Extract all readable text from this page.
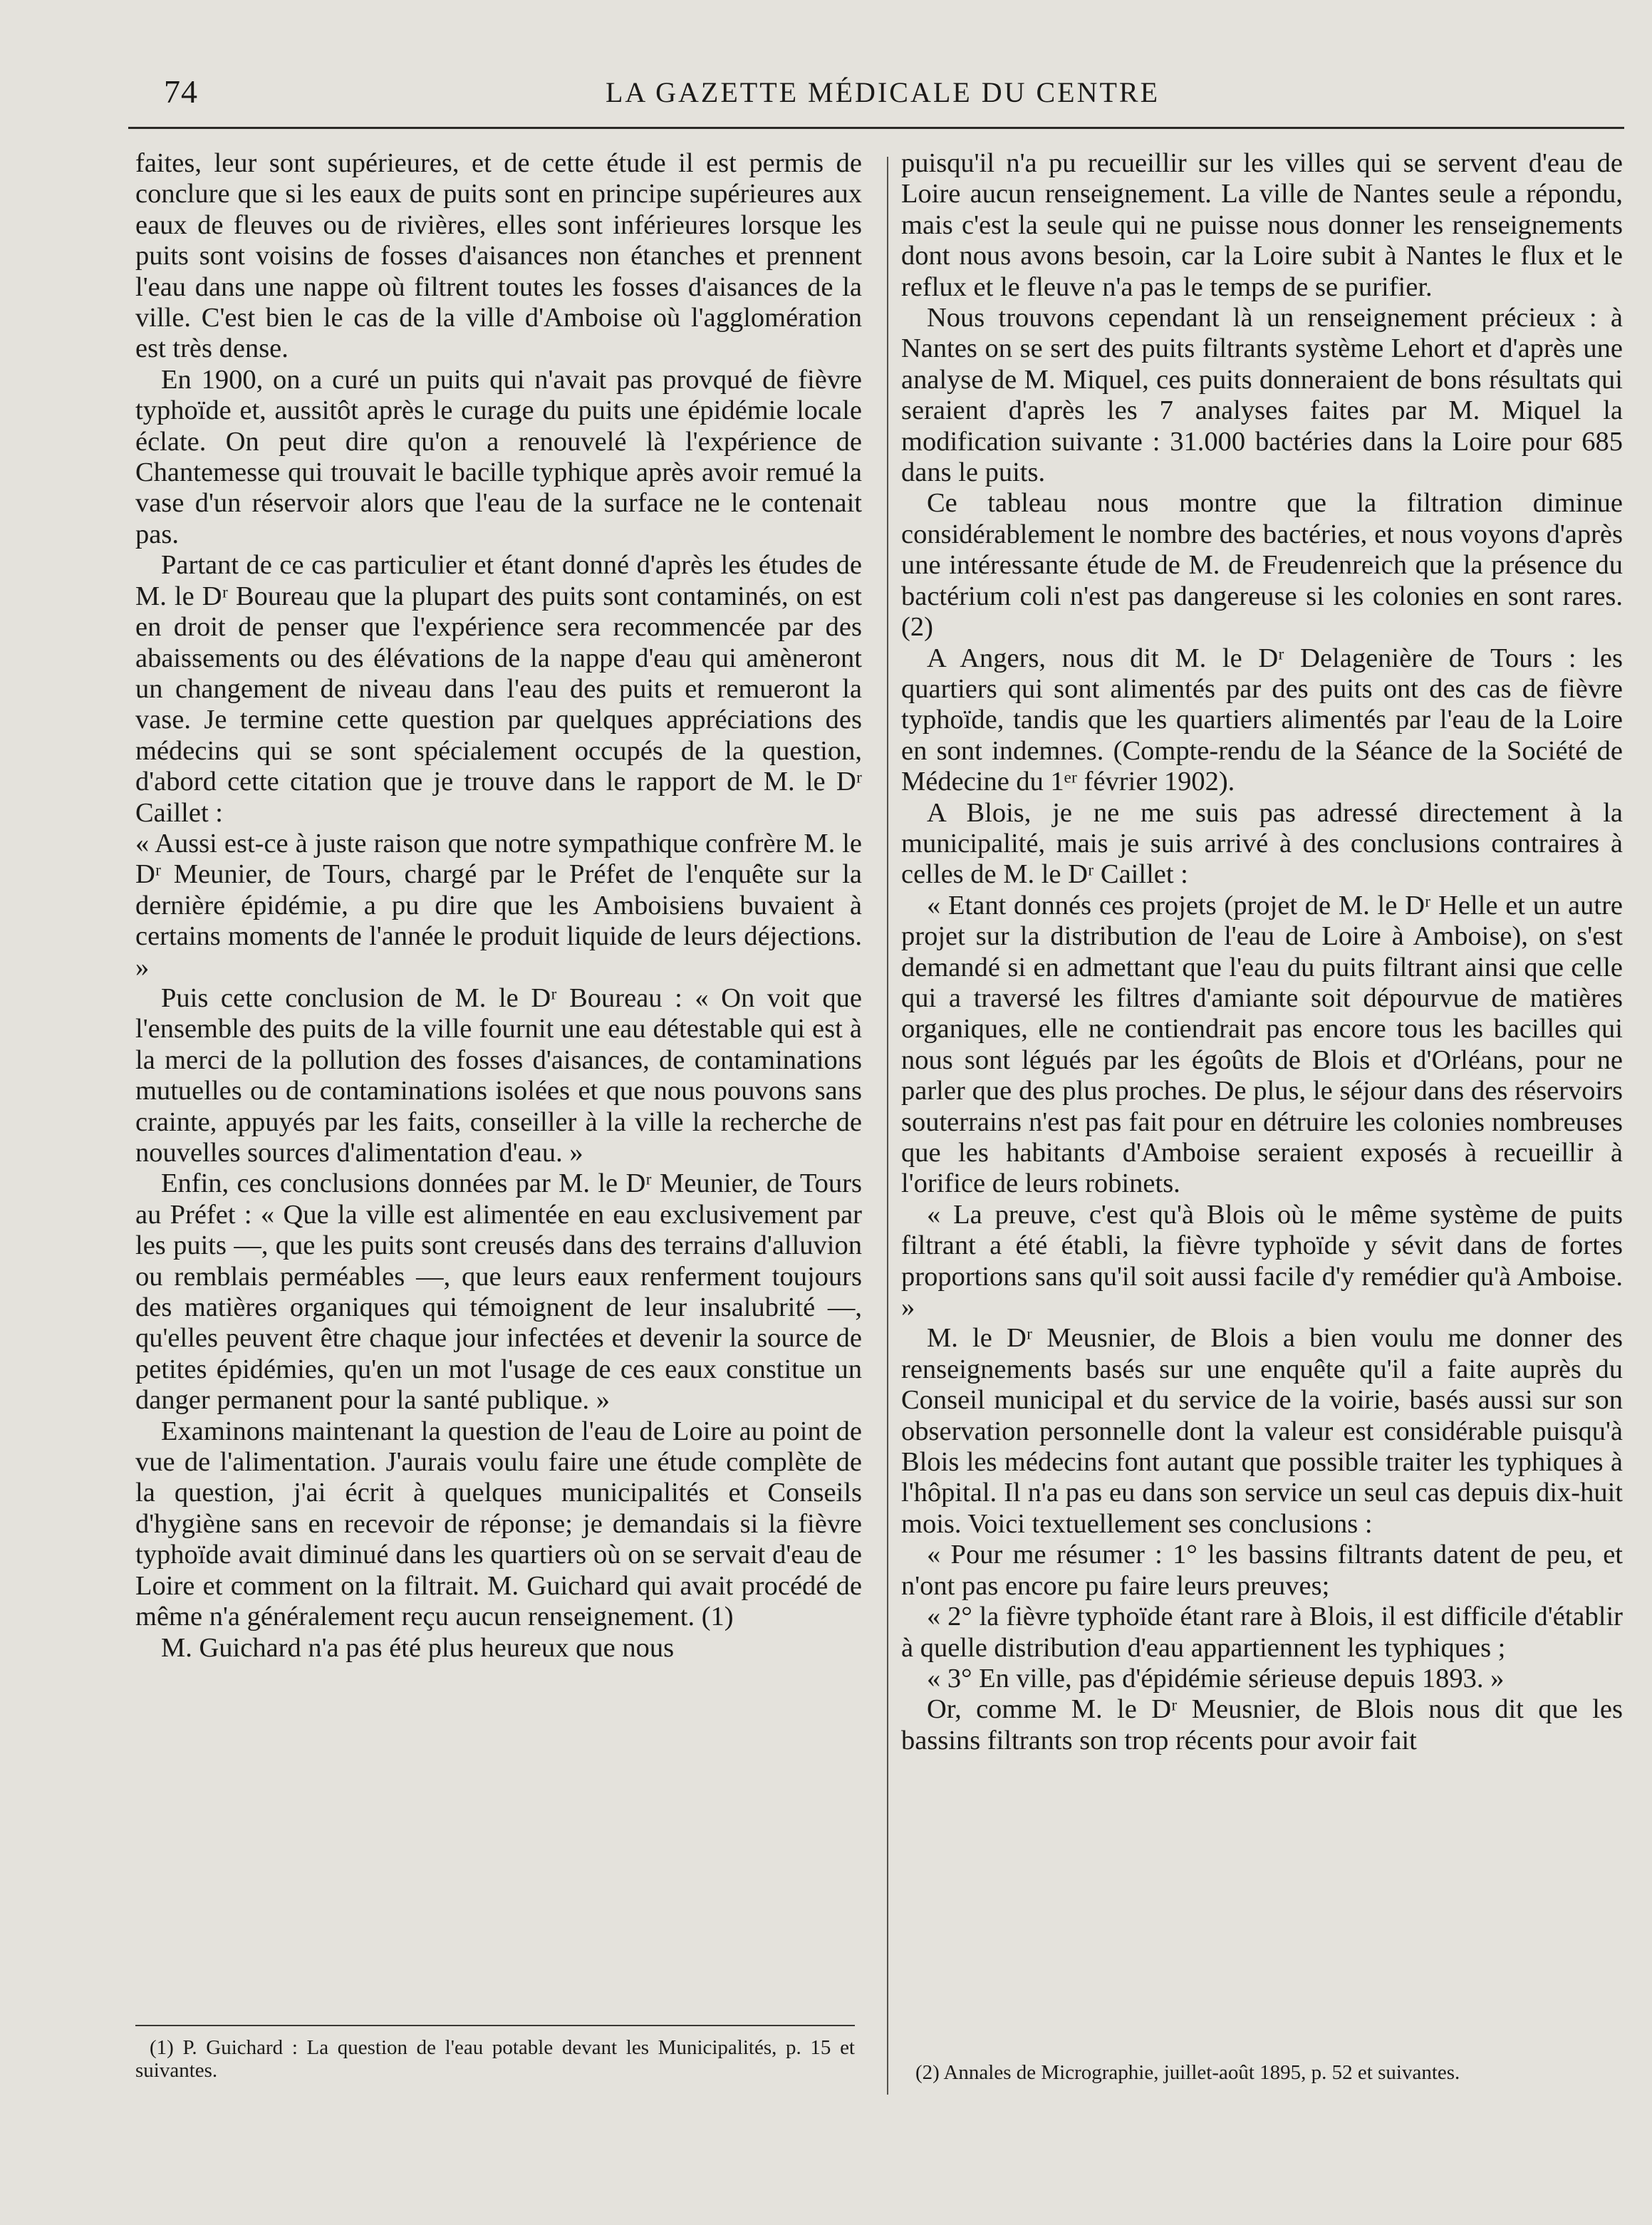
74	LA GAZETTE MÉDICALE DU CENTRE

faites, leur sont supérieures, et de cette étude il est permis de conclure que si les eaux de puits sont en principe supérieures aux eaux de fleuves ou de rivières, elles sont inférieures lorsque les puits sont voisins de fosses d'aisances non étanches et prennent l'eau dans une nappe où filtrent toutes les fosses d'aisances de la ville. C'est bien le cas de la ville d'Amboise où l'agglomération est très dense.

En 1900, on a curé un puits qui n'avait pas provqué de fièvre typhoïde et, aussitôt après le curage du puits une épidémie locale éclate. On peut dire qu'on a renouvelé là l'expérience de Chantemesse qui trouvait le bacille typhique après avoir remué la vase d'un réservoir alors que l'eau de la surface ne le contenait pas.

Partant de ce cas particulier et étant donné d'après les études de M. le Dʳ Boureau que la plupart des puits sont contaminés, on est en droit de penser que l'expérience sera recommencée par des abaissements ou des élévations de la nappe d'eau qui amèneront un changement de niveau dans l'eau des puits et remueront la vase. Je termine cette question par quelques appréciations des médecins qui se sont spécialement occupés de la question, d'abord cette citation que je trouve dans le rapport de M. le Dʳ Caillet :

« Aussi est-ce à juste raison que notre sympathique confrère M. le Dʳ Meunier, de Tours, chargé par le Préfet de l'enquête sur la dernière épidémie, a pu dire que les Amboisiens buvaient à certains moments de l'année le produit liquide de leurs déjections. »

Puis cette conclusion de M. le Dʳ Boureau : « On voit que l'ensemble des puits de la ville fournit une eau détestable qui est à la merci de la pollution des fosses d'aisances, de contaminations mutuelles ou de contaminations isolées et que nous pouvons sans crainte, appuyés par les faits, conseiller à la ville la recherche de nouvelles sources d'alimentation d'eau. »

Enfin, ces conclusions données par M. le Dʳ Meunier, de Tours au Préfet : « Que la ville est alimentée en eau exclusivement par les puits —, que les puits sont creusés dans des terrains d'alluvion ou remblais perméables —, que leurs eaux renferment toujours des matières organiques qui témoignent de leur insalubrité —, qu'elles peuvent être chaque jour infectées et devenir la source de petites épidémies, qu'en un mot l'usage de ces eaux constitue un danger permanent pour la santé publique. »

Examinons maintenant la question de l'eau de Loire au point de vue de l'alimentation. J'aurais voulu faire une étude complète de la question, j'ai écrit à quelques municipalités et Conseils d'hygiène sans en recevoir de réponse; je demandais si la fièvre typhoïde avait diminué dans les quartiers où on se servait d'eau de Loire et comment on la filtrait. M. Guichard qui avait procédé de même n'a généralement reçu aucun renseignement. (1)

M. Guichard n'a pas été plus heureux que nous

puisqu'il n'a pu recueillir sur les villes qui se servent d'eau de Loire aucun renseignement. La ville de Nantes seule a répondu, mais c'est la seule qui ne puisse nous donner les renseignements dont nous avons besoin, car la Loire subit à Nantes le flux et le reflux et le fleuve n'a pas le temps de se purifier.

Nous trouvons cependant là un renseignement précieux : à Nantes on se sert des puits filtrants système Lehort et d'après une analyse de M. Miquel, ces puits donneraient de bons résultats qui seraient d'après les 7 analyses faites par M. Miquel la modification suivante : 31.000 bactéries dans la Loire pour 685 dans le puits.

Ce tableau nous montre que la filtration diminue considérablement le nombre des bactéries, et nous voyons d'après une intéressante étude de M. de Freudenreich que la présence du bactérium coli n'est pas dangereuse si les colonies en sont rares. (2)

A Angers, nous dit M. le Dʳ Delagenière de Tours : les quartiers qui sont alimentés par des puits ont des cas de fièvre typhoïde, tandis que les quartiers alimentés par l'eau de la Loire en sont indemnes. (Compte-rendu de la Séance de la Société de Médecine du 1ᵉʳ février 1902).

A Blois, je ne me suis pas adressé directement à la municipalité, mais je suis arrivé à des conclusions contraires à celles de M. le Dʳ Caillet :

« Etant donnés ces projets (projet de M. le Dʳ Helle et un autre projet sur la distribution de l'eau de Loire à Amboise), on s'est demandé si en admettant que l'eau du puits filtrant ainsi que celle qui a traversé les filtres d'amiante soit dépourvue de matières organiques, elle ne contiendrait pas encore tous les bacilles qui nous sont légués par les égoûts de Blois et d'Orléans, pour ne parler que des plus proches. De plus, le séjour dans des réservoirs souterrains n'est pas fait pour en détruire les colonies nombreuses que les habitants d'Amboise seraient exposés à recueillir à l'orifice de leurs robinets.

« La preuve, c'est qu'à Blois où le même système de puits filtrant a été établi, la fièvre typhoïde y sévit dans de fortes proportions sans qu'il soit aussi facile d'y remédier qu'à Amboise. »

M. le Dʳ Meusnier, de Blois a bien voulu me donner des renseignements basés sur une enquête qu'il a faite auprès du Conseil municipal et du service de la voirie, basés aussi sur son observation personnelle dont la valeur est considérable puisqu'à Blois les médecins font autant que possible traiter les typhiques à l'hôpital. Il n'a pas eu dans son service un seul cas depuis dix-huit mois. Voici textuellement ses conclusions :

« Pour me résumer : 1° les bassins filtrants datent de peu, et n'ont pas encore pu faire leurs preuves;

« 2° la fièvre typhoïde étant rare à Blois, il est difficile d'établir à quelle distribution d'eau appartiennent les typhiques ;

« 3° En ville, pas d'épidémie sérieuse depuis 1893. »

Or, comme M. le Dʳ Meusnier, de Blois nous dit que les bassins filtrants son trop récents pour avoir fait

(1) P. Guichard : La question de l'eau potable devant les Municipalités, p. 15 et suivantes.	(2) Annales de Micrographie, juillet-août 1895, p. 52 et suivantes.
